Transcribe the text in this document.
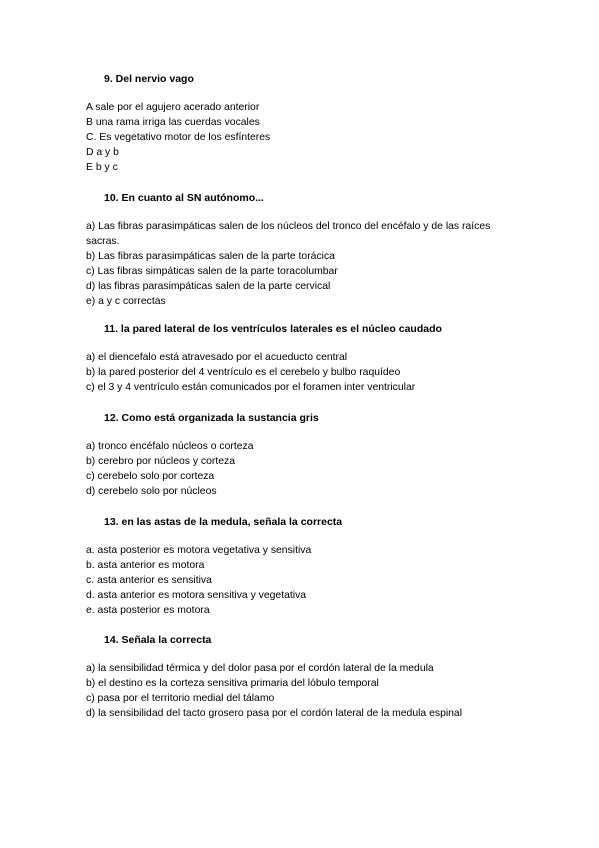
9. Del nervio vago
A sale por el agujero acerado anterior
B una rama irriga las cuerdas vocales
C. Es vegetativo motor de los esfínteres
D a y b
E b y c
10. En cuanto al SN autónomo...
a) Las fibras parasimpáticas salen de los núcleos del tronco del encéfalo y de las raíces sacras.
b) Las fibras parasimpáticas salen de la parte torácica
c) Las fibras simpáticas salen de la parte toracolumbar
d) las fibras parasimpáticas salen de la parte cervical
e) a y c correctas
11. la pared lateral de los ventrículos laterales es el núcleo caudado
a) el diencefalo está atravesado por el acueducto central
b) la pared posterior del 4 ventrículo es el cerebelo y bulbo raquídeo
c) el 3 y 4 ventrículo están comunicados por el foramen inter ventricular
12. Como está organizada la sustancia gris
a) tronco encéfalo núcleos o corteza
b) cerebro por núcleos y corteza
c) cerebelo solo por corteza
d) cerebelo solo por núcleos
13. en las astas de la medula, señala la correcta
a. asta posterior es motora vegetativa y sensitiva
b. asta anterior es motora
c. asta anterior es sensitiva
d. asta anterior es motora sensitiva y vegetativa
e. asta posterior es motora
14. Señala la correcta
a) la sensibilidad térmica y del dolor pasa por el cordón lateral de la medula
b) el destino es la corteza sensitiva primaria del lóbulo temporal
c) pasa por el territorio medial del tálamo
d) la sensibilidad del tacto grosero pasa por el cordón lateral de la medula espinal
